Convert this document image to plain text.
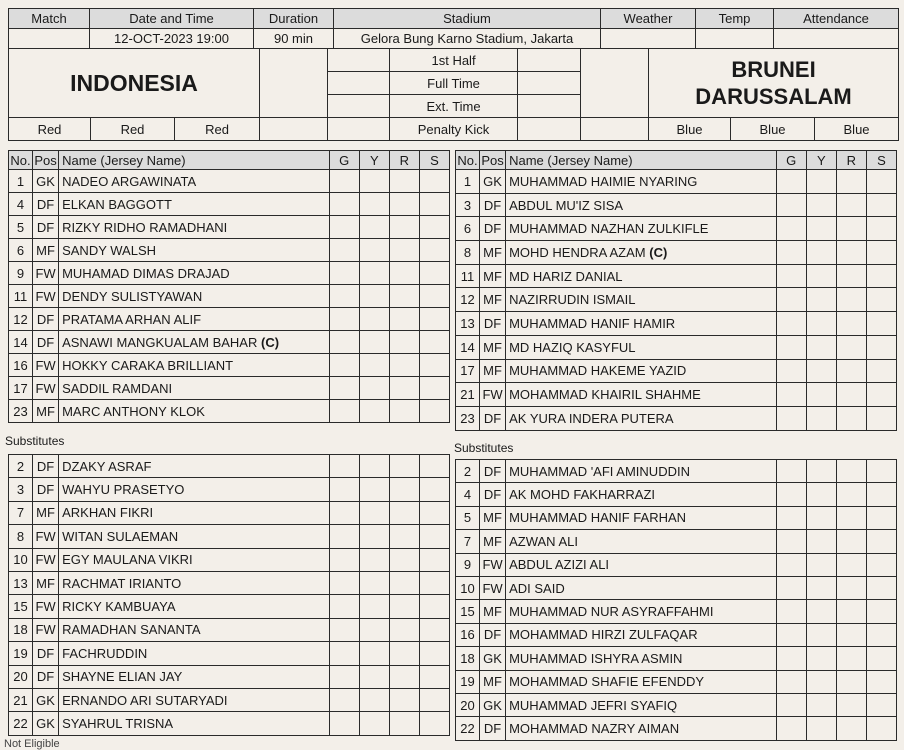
Match	Date and Time	Duration	Stadium	Weather	Temp	Attendance
	12-OCT-2023 19:00	90 min	Gelora Bung Karno Stadium, Jakarta			
INDONESIA					1st Half			BRUNEI
DARUSSALAM		

					Full Time					
					Ext. Time					
Red	Red	Red			Penalty Kick			Blue	Blue	Blue
No.	Pos	Name (Jersey Name)	G	Y	R	S
1	GK	NADEO ARGAWINATA				
4	DF	ELKAN BAGGOTT				
5	DF	RIZKY RIDHO RAMADHANI				
6	MF	SANDY WALSH				
9	FW	MUHAMAD DIMAS DRAJAD				
11	FW	DENDY SULISTYAWAN				
12	DF	PRATAMA ARHAN ALIF				
14	DF	ASNAWI MANGKUALAM BAHAR (C)				
16	FW	HOKKY CARAKA BRILLIANT				
17	FW	SADDIL RAMDANI				
23	MF	MARC ANTHONY KLOK				
No.	Pos	Name (Jersey Name)	G	Y	R	S
1	GK	MUHAMMAD HAIMIE NYARING				
3	DF	ABDUL MU'IZ SISA				
6	DF	MUHAMMAD NAZHAN ZULKIFLE				
8	MF	MOHD HENDRA AZAM (C)				
11	MF	MD HARIZ DANIAL				
12	MF	NAZIRRUDIN ISMAIL				
13	DF	MUHAMMAD HANIF HAMIR				
14	MF	MD HAZIQ KASYFUL				
17	MF	MUHAMMAD HAKEME YAZID				
21	FW	MOHAMMAD KHAIRIL SHAHME				
23	DF	AK YURA INDERA PUTERA				
Substitutes	Substitutes
2	DF	DZAKY ASRAF				
3	DF	WAHYU PRASETYO				
7	MF	ARKHAN FIKRI				
8	FW	WITAN SULAEMAN				
10	FW	EGY MAULANA VIKRI				
13	MF	RACHMAT IRIANTO				
15	FW	RICKY KAMBUAYA				
18	FW	RAMADHAN SANANTA				
19	DF	FACHRUDDIN				
20	DF	SHAYNE ELIAN JAY				
21	GK	ERNANDO ARI SUTARYADI				
22	GK	SYAHRUL TRISNA				
2	DF	MUHAMMAD 'AFI AMINUDDIN				
4	DF	AK MOHD FAKHARRAZI				
5	MF	MUHAMMAD HANIF FARHAN				
7	MF	AZWAN ALI				
9	FW	ABDUL AZIZI ALI				
10	FW	ADI SAID				
15	MF	MUHAMMAD NUR ASYRAFFAHMI				
16	DF	MOHAMMAD HIRZI ZULFAQAR				
18	GK	MUHAMMAD ISHYRA ASMIN				
19	MF	MOHAMMAD SHAFIE EFENDDY				
20	GK	MUHAMMAD JEFRI SYAFIQ				
22	DF	MOHAMMAD NAZRY AIMAN				
Not Eligible
